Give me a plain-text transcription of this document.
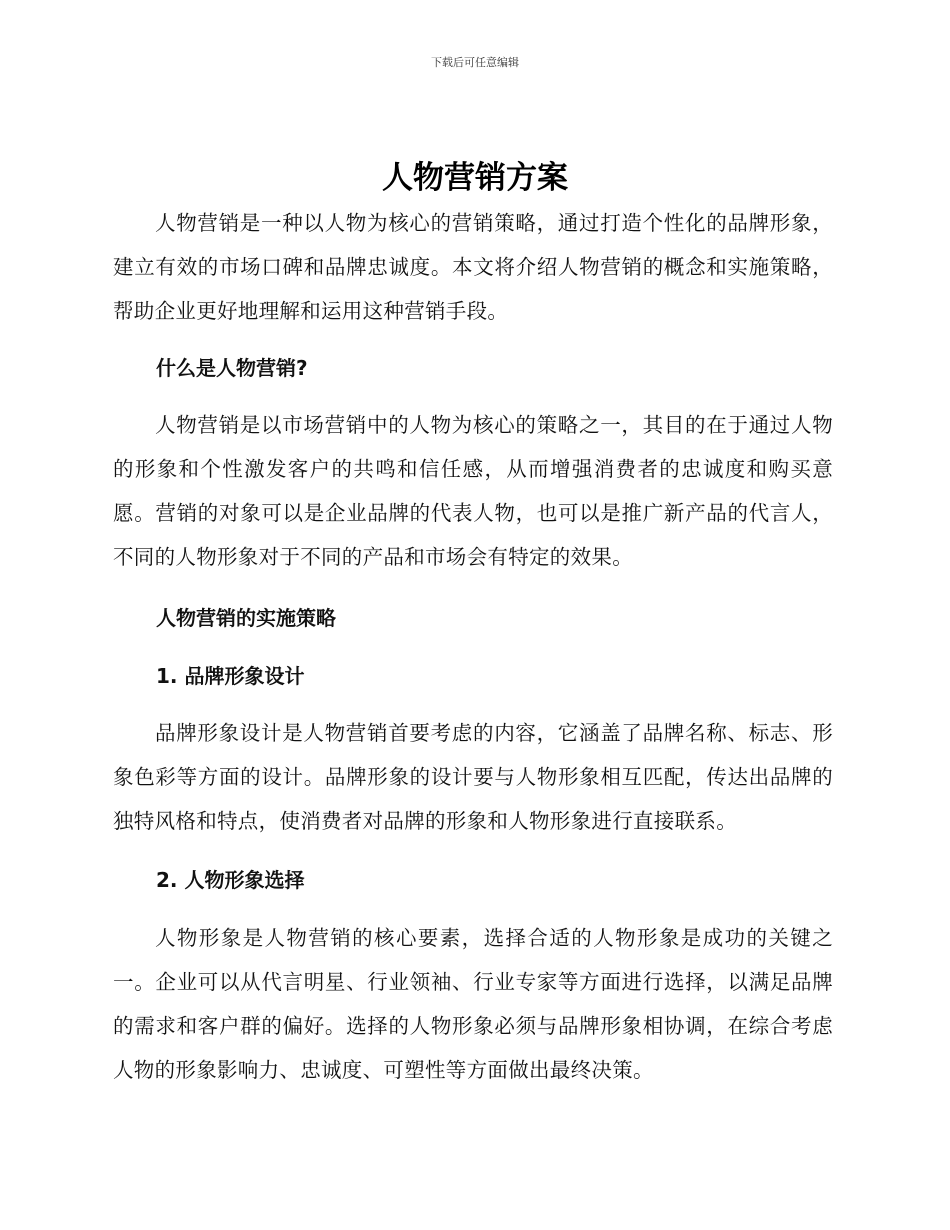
下载后可任意编辑
人物营销方案

人物营销是一种以人物为核心的营销策略，通过打造个性化的品牌形象，建立有效的市场口碑和品牌忠诚度。本文将介绍人物营销的概念和实施策略，帮助企业更好地理解和运用这种营销手段。

什么是人物营销?

人物营销是以市场营销中的人物为核心的策略之一，其目的在于通过人物的形象和个性激发客户的共鸣和信任感，从而增强消费者的忠诚度和购买意愿。营销的对象可以是企业品牌的代表人物，也可以是推广新产品的代言人，不同的人物形象对于不同的产品和市场会有特定的效果。

人物营销的实施策略
1. 品牌形象设计

品牌形象设计是人物营销首要考虑的内容，它涵盖了品牌名称、标志、形象色彩等方面的设计。品牌形象的设计要与人物形象相互匹配，传达出品牌的独特风格和特点，使消费者对品牌的形象和人物形象进行直接联系。

2. 人物形象选择

人物形象是人物营销的核心要素，选择合适的人物形象是成功的关键之一。企业可以从代言明星、行业领袖、行业专家等方面进行选择，以满足品牌的需求和客户群的偏好。选择的人物形象必须与品牌形象相协调，在综合考虑人物的形象影响力、忠诚度、可塑性等方面做出最终决策。
